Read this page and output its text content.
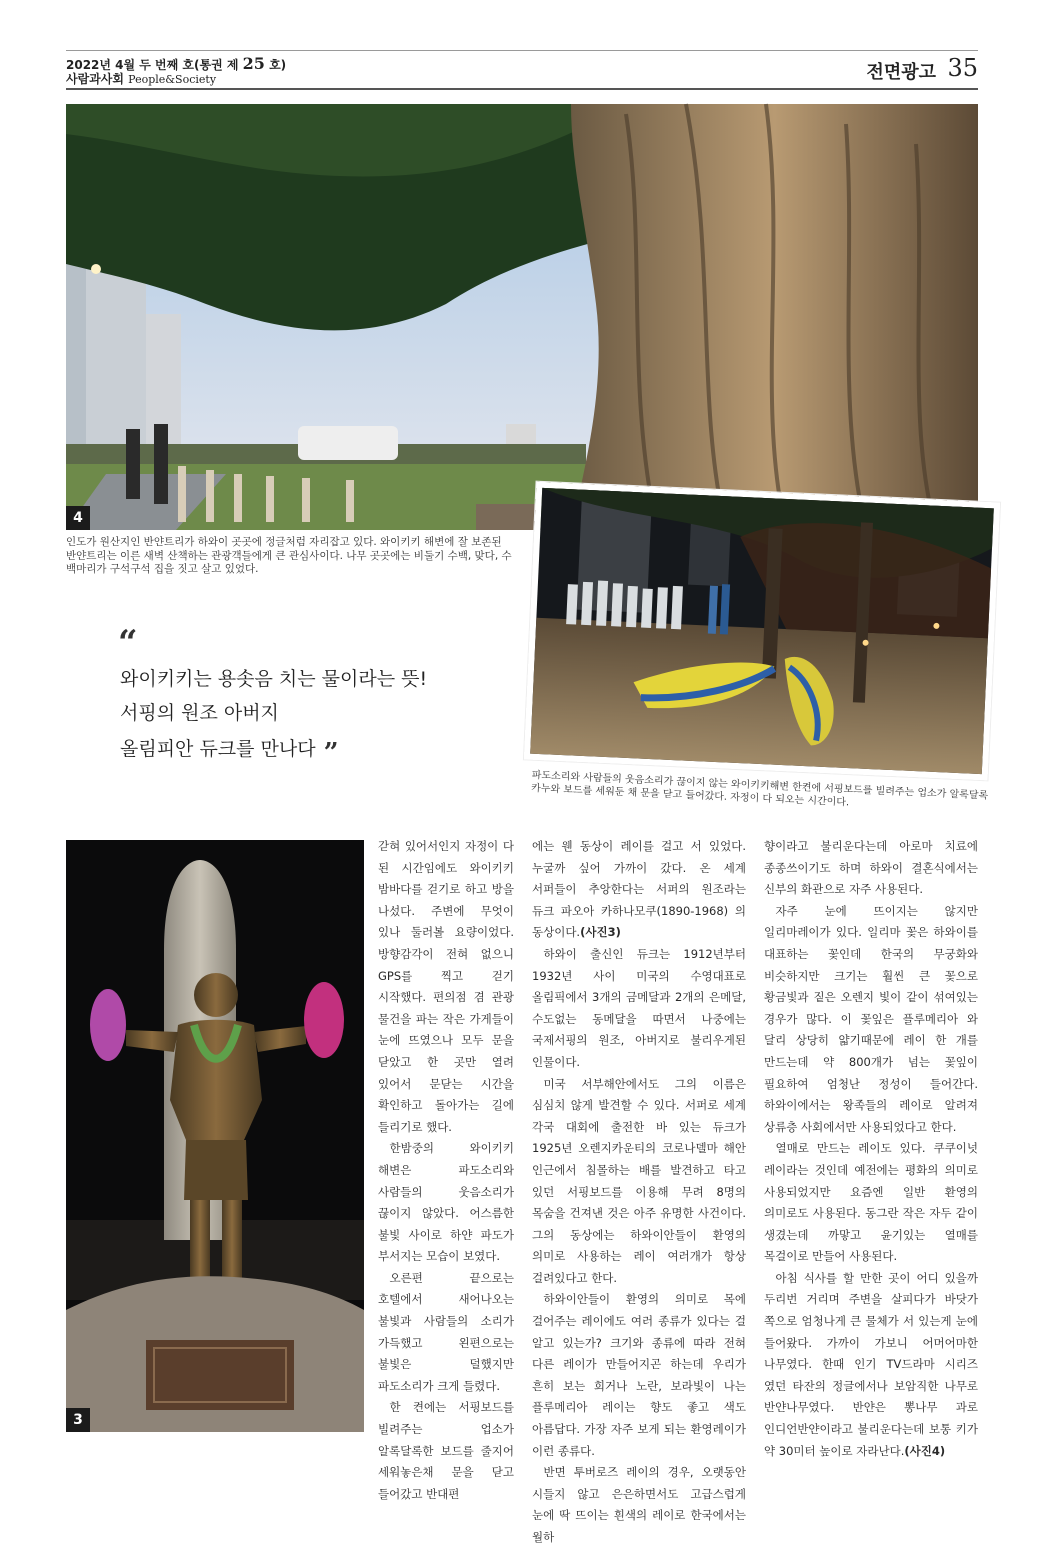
2022년 4월 두 번째 호(통권 제 25 호)
사람과사회 People&Society	전면광고 35
4
인도가 원산지인 반얀트리가 하와이 곳곳에 정글처럼 자리잡고 있다. 와이키키 해변에 잘 보존된 반얀트리는 이른 새벽 산책하는 관광객들에게 큰 관심사이다. 나무 곳곳에는 비둘기 수백, 맞다, 수백마리가 구석구석 집을 짓고 살고 있었다.
“
와이키키는 용솟음 치는 물이라는 뜻!
서핑의 원조 아버지
올림피안 듀크를 만나다 ”
파도소리와 사람들의 웃음소리가 끊이지 않는 와이키키해변 한켠에 서핑보드를 빌려주는 업소가 알록달록 카누와 보드를 세워둔 채 문을 닫고 들어갔다. 자정이 다 되오는 시간이다.
3

갇혀 있어서인지 자정이 다 된 시간임에도 와이키키 밤바다를 걷기로 하고 방을 나섰다. 주변에 무엇이 있나 둘러볼 요량이었다. 방향감각이 전혀 없으니 GPS를 찍고 걷기 시작했다. 편의점 겸 관광 물건을 파는 작은 가게들이 눈에 뜨였으나 모두 문을 닫았고 한 곳만 열려 있어서 문닫는 시간을 확인하고 돌아가는 길에 들리기로 했다.

한밤중의 와이키키 해변은 파도소리와 사람들의 웃음소리가 끊이지 않았다. 어스름한 불빛 사이로 하얀 파도가 부서지는 모습이 보였다.

오른편 끝으로는 호텔에서 새어나오는 불빛과 사람들의 소리가 가득했고 왼편으로는 불빛은 덜했지만 파도소리가 크게 들렸다.

한 켠에는 서핑보드를 빌려주는 업소가 알록달록한 보드를 줄지어 세워놓은채 문을 닫고 들어갔고 반대편

에는 웬 동상이 레이를 걸고 서 있었다. 누굴까 싶어 가까이 갔다. 온 세계 서퍼들이 추앙한다는 서퍼의 원조라는 듀크 파오아 카하나모쿠(1890-1968) 의 동상이다.(사진3)

하와이 출신인 듀크는 1912년부터 1932년 사이 미국의 수영대표로 올림픽에서 3개의 금메달과 2개의 은메달, 수도없는 동메달을 따면서 나중에는 국제서핑의 원조, 아버지로 불리우게된 인물이다.

미국 서부해안에서도 그의 이름은 심심치 않게 발견할 수 있다. 서퍼로 세계 각국 대회에 출전한 바 있는 듀크가 1925년 오렌지카운티의 코로나델마 해안 인근에서 침몰하는 배를 발견하고 타고 있던 서핑보드를 이용해 무려 8명의 목숨을 건져낸 것은 아주 유명한 사건이다. 그의 동상에는 하와이안들이 환영의 의미로 사용하는 레이 여러개가 항상 걸려있다고 한다.

하와이안들이 환영의 의미로 목에 걸어주는 레이에도 여러 종류가 있다는 걸 알고 있는가? 크기와 종류에 따라 전혀 다른 레이가 만들어지곤 하는데 우리가 흔히 보는 희거나 노란, 보라빛이 나는 플루메리아 레이는 향도 좋고 색도 아름답다. 가장 자주 보게 되는 환영레이가 이런 종류다.

반면 투버로즈 레이의 경우, 오랫동안 시들지 않고 은은하면서도 고급스럽게 눈에 딱 뜨이는 흰색의 레이로 한국에서는 월하

향이라고 불리운다는데 아로마 치료에 종종쓰이기도 하며 하와이 결혼식에서는 신부의 화관으로 자주 사용된다.

자주 눈에 뜨이지는 않지만 일리마레이가 있다. 일리마 꽃은 하와이를 대표하는 꽃인데 한국의 무궁화와 비슷하지만 크기는 훨씬 큰 꽃으로 황금빛과 짙은 오렌지 빛이 같이 섞여있는 경우가 많다. 이 꽃잎은 플루메리아 와 달리 상당히 얇기때문에 레이 한 개를 만드는데 약 800개가 넘는 꽃잎이 필요하여 엄청난 정성이 들어간다. 하와이에서는 왕족들의 레이로 알려져 상류층 사회에서만 사용되었다고 한다.

열매로 만드는 레이도 있다. 쿠쿠이넛 레이라는 것인데 예전에는 평화의 의미로 사용되었지만 요즘엔 일반 환영의 의미로도 사용된다. 동그란 작은 자두 같이 생겼는데 까맣고 윤기있는 열매를 목걸이로 만들어 사용된다.

아침 식사를 할 만한 곳이 어디 있을까 두리번 거리며 주변을 살피다가 바닷가 쪽으로 엄청나게 큰 물체가 서 있는게 눈에 들어왔다. 가까이 가보니 어머어마한 나무였다. 한때 인기 TV드라마 시리즈 였던 타잔의 정글에서나 보암직한 나무로 반얀나무였다. 반얀은 뽕나무 과로 인디언반얀이라고 불리운다는데 보통 키가 약 30미터 높이로 자라난다.(사진4)
